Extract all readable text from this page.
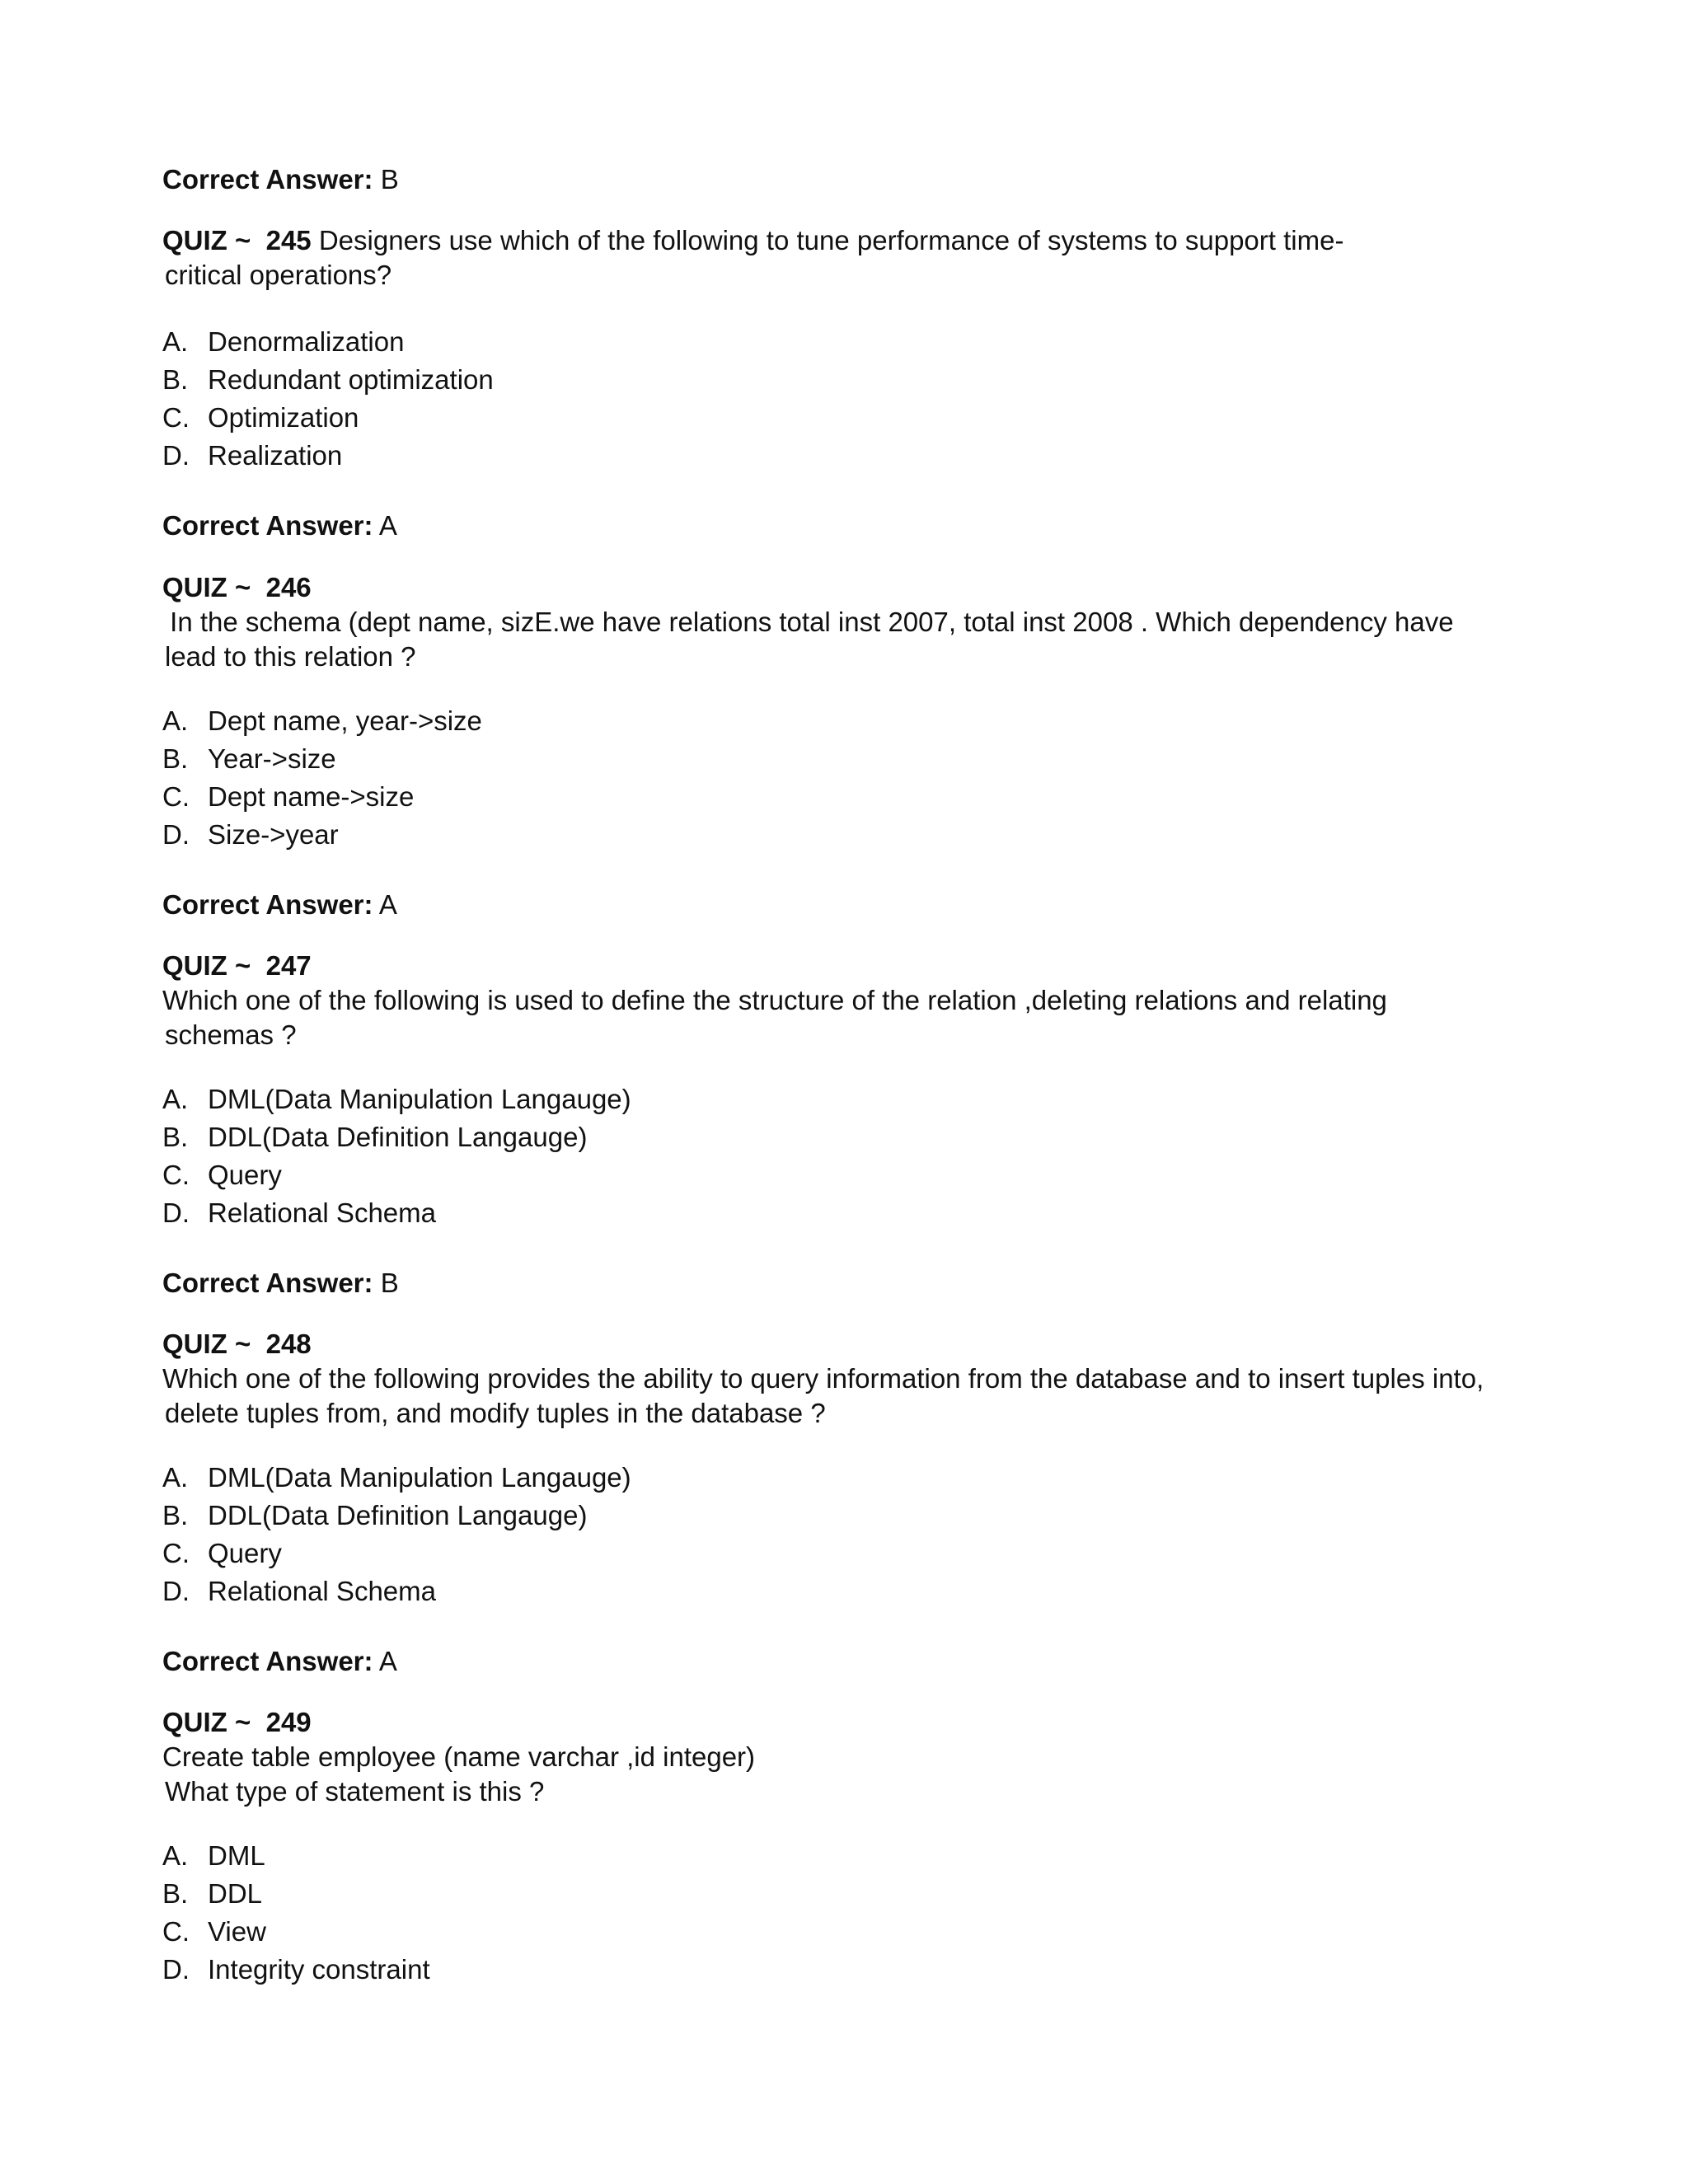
Correct Answer: B

QUIZ ~  245 Designers use which of the following to tune performance of systems to support time-
critical operations?
A. Denormalization
B. Redundant optimization
C. Optimization
D. Realization

Correct Answer: A

QUIZ ~  246
In the schema (dept name, sizE.we have relations total inst 2007, total inst 2008 . Which dependency have
lead to this relation ?
A. Dept name, year->size
B. Year->size
C. Dept name->size
D. Size->year

Correct Answer: A

QUIZ ~  247
Which one of the following is used to define the structure of the relation ,deleting relations and relating
schemas ?
A. DML(Data Manipulation Langauge)
B. DDL(Data Definition Langauge)
C. Query
D. Relational Schema

Correct Answer: B

QUIZ ~  248
Which one of the following provides the ability to query information from the database and to insert tuples into,
delete tuples from, and modify tuples in the database ?
A. DML(Data Manipulation Langauge)
B. DDL(Data Definition Langauge)
C. Query
D. Relational Schema

Correct Answer: A

QUIZ ~  249
Create table employee (name varchar ,id integer)
What type of statement is this ?
A. DML
B. DDL
C. View
D. Integrity constraint
